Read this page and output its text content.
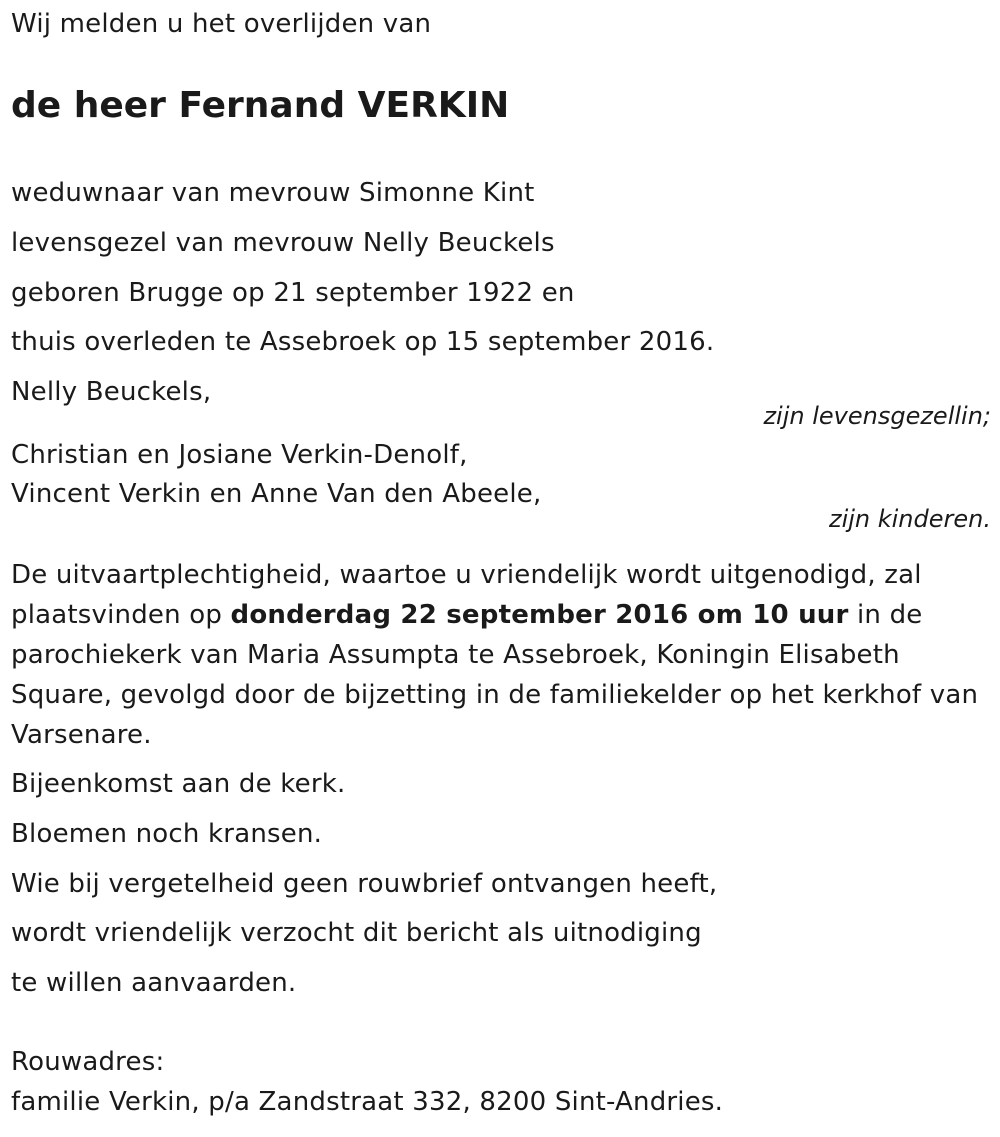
Wij melden u het overlijden van
de heer Fernand VERKIN
weduwnaar van mevrouw Simonne Kint
levensgezel van mevrouw Nelly Beuckels
geboren Brugge op 21 september 1922 en
thuis overleden te Assebroek op 15 september 2016.
Nelly Beuckels,
zijn levensgezellin;
Christian en Josiane Verkin-Denolf,
Vincent Verkin en Anne Van den Abeele,
zijn kinderen.
De uitvaartplechtigheid, waartoe u vriendelijk wordt uitgenodigd, zal plaatsvinden op donderdag 22 september 2016 om 10 uur in de parochiekerk van Maria Assumpta te Assebroek, Koningin Elisabeth Square, gevolgd door de bijzetting in de familiekelder op het kerkhof van Varsenare.
Bijeenkomst aan de kerk.
Bloemen noch kransen.
Wie bij vergetelheid geen rouwbrief ontvangen heeft,
wordt vriendelijk verzocht dit bericht als uitnodiging
te willen aanvaarden.
Rouwadres:
familie Verkin, p/a Zandstraat 332, 8200 Sint-Andries.
